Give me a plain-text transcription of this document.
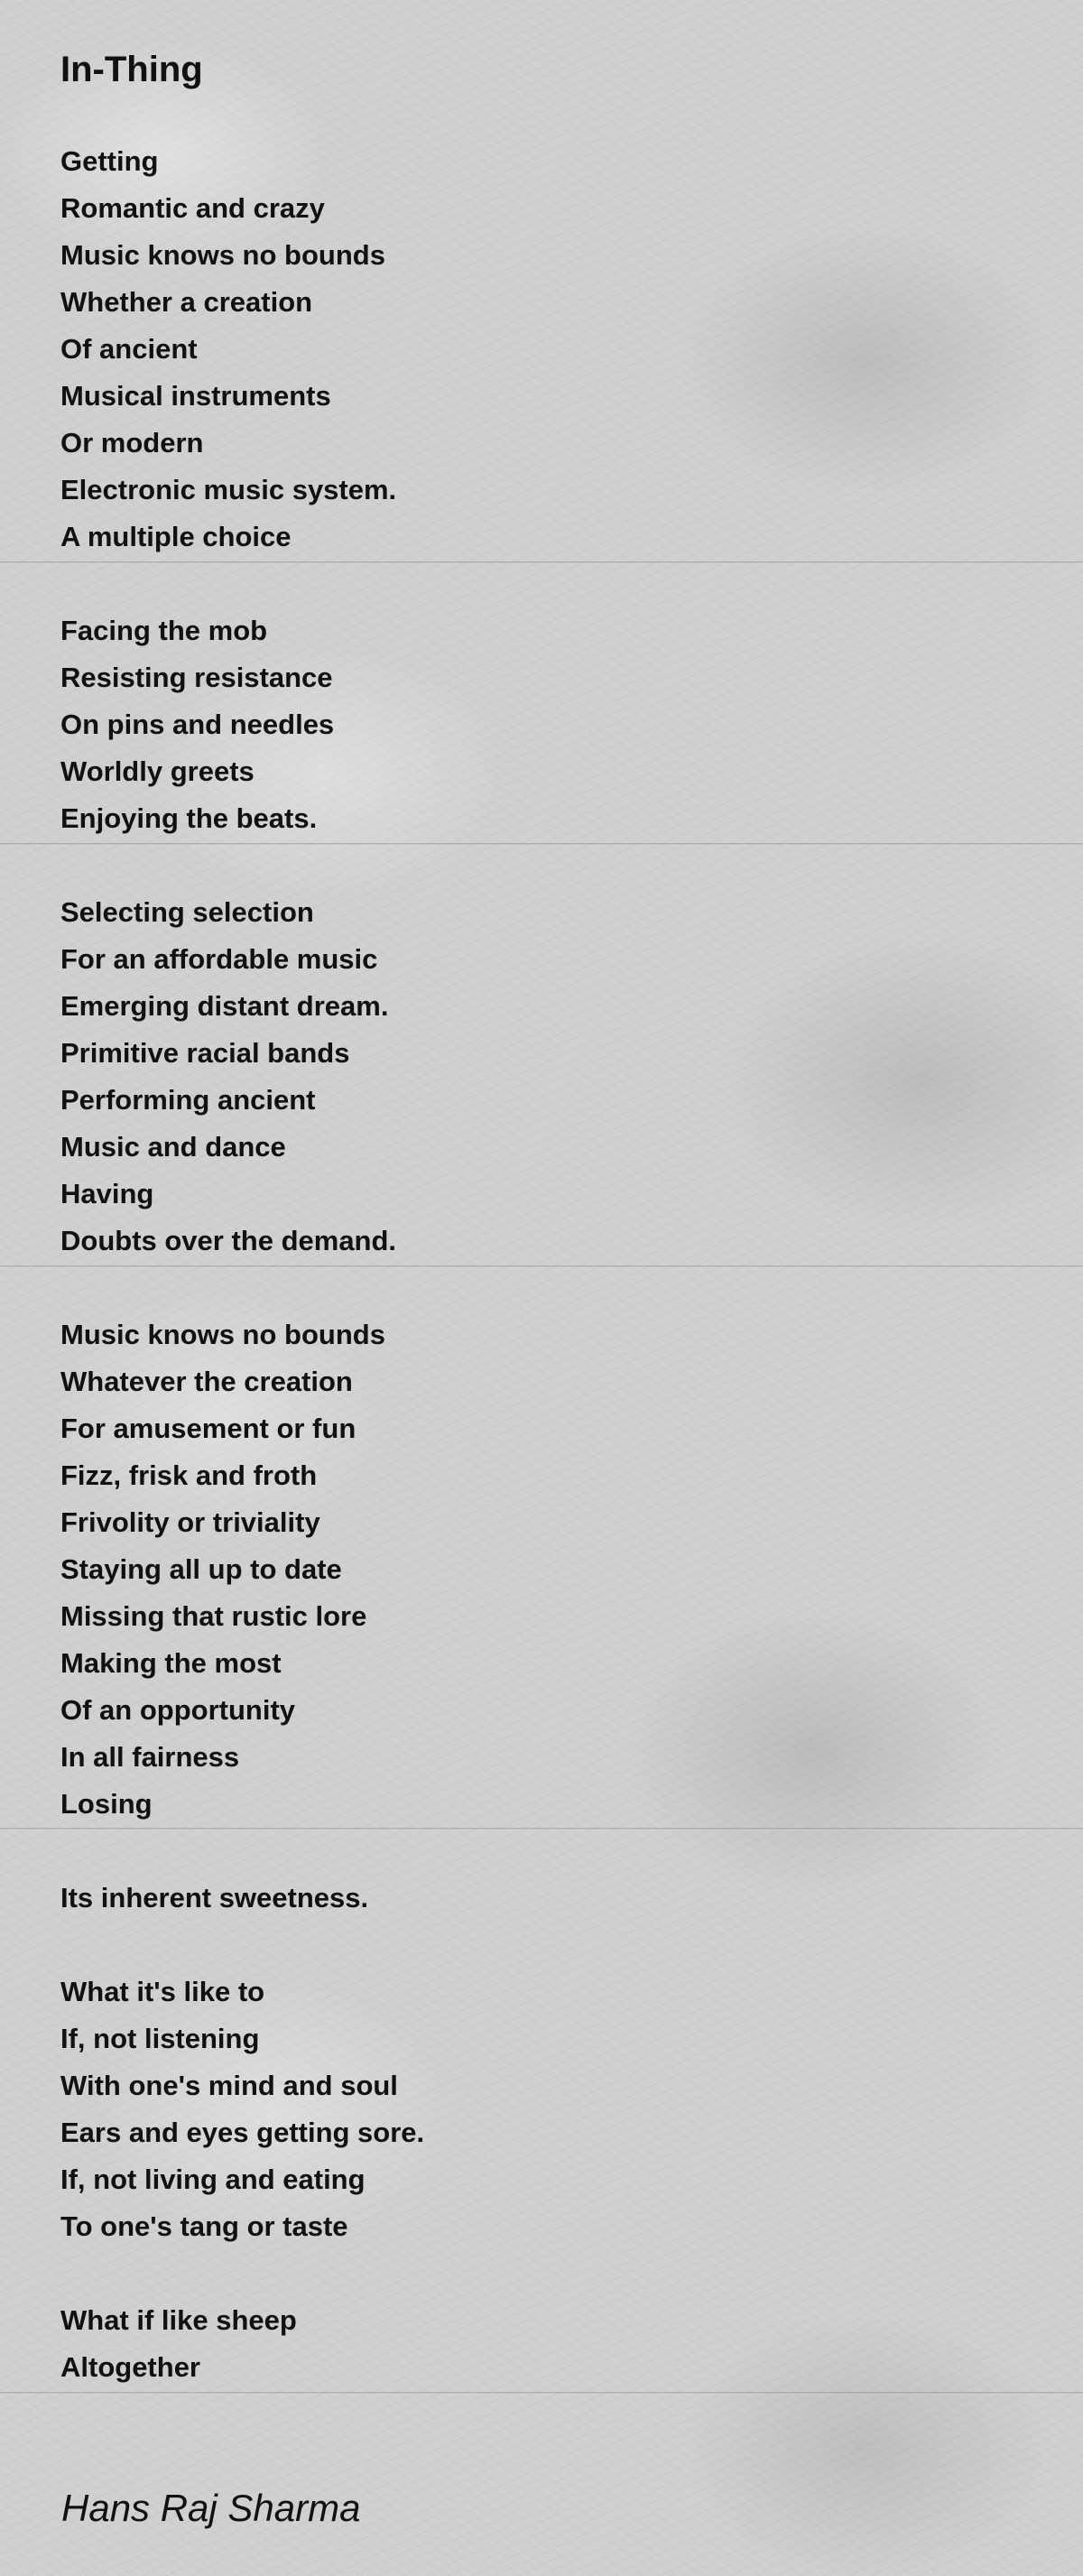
In-Thing
Getting
Romantic and crazy
Music knows no bounds
Whether a creation
Of ancient
Musical instruments
Or modern
Electronic music system.
A multiple choice
Facing the mob
Resisting resistance
On pins and needles
Worldly greets
Enjoying the beats.
Selecting selection
For an affordable music
Emerging distant dream.
Primitive racial bands
Performing ancient
Music and dance
Having
Doubts over the demand.
Music knows no bounds
Whatever the creation
For amusement or fun
Fizz, frisk and froth
Frivolity or triviality
Staying all up to date
Missing that rustic lore
Making the most
Of an opportunity
In all fairness
Losing
Its inherent sweetness.
What it's like to
If, not listening
With one's mind and soul
Ears and eyes getting sore.
If, not living and eating
To one's tang or taste
What if like sheep
Altogether
Hans Raj Sharma
